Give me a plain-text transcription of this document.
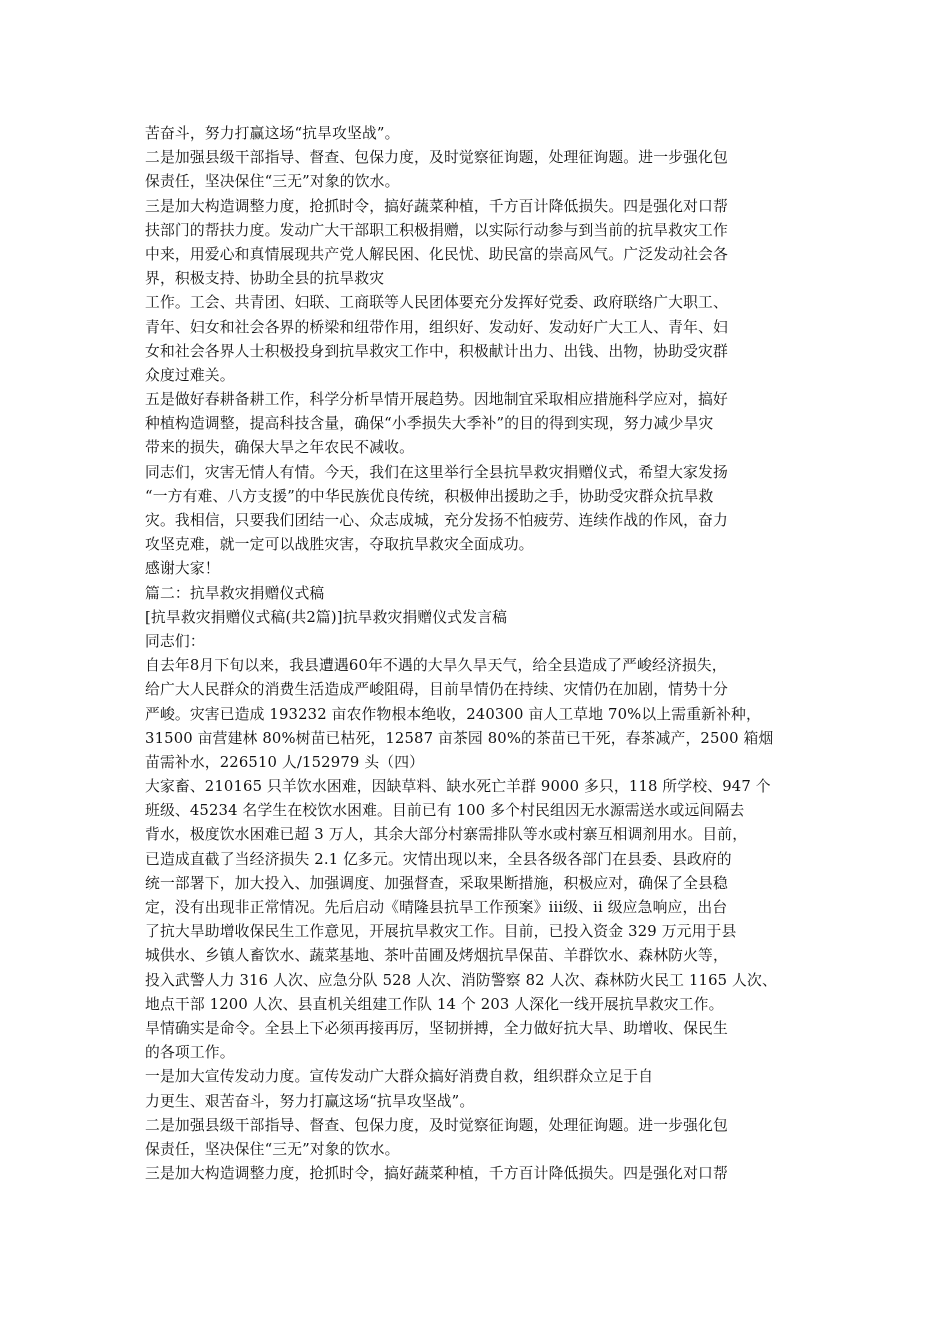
苦奋斗，努力打赢这场“抗旱攻坚战”。
二是加强县级干部指导、督查、包保力度，及时觉察征询题，处理征询题。进一步强化包
保责任，坚决保住“三无”对象的饮水。
三是加大构造调整力度，抢抓时令，搞好蔬菜种植，千方百计降低损失。四是强化对口帮
扶部门的帮扶力度。发动广大干部职工积极捐赠，以实际行动参与到当前的抗旱救灾工作
中来，用爱心和真情展现共产党人解民困、化民忧、助民富的崇高风气。广泛发动社会各
界，积极支持、协助全县的抗旱救灾
工作。工会、共青团、妇联、工商联等人民团体要充分发挥好党委、政府联络广大职工、
青年、妇女和社会各界的桥梁和纽带作用，组织好、发动好、发动好广大工人、青年、妇
女和社会各界人士积极投身到抗旱救灾工作中，积极献计出力、出钱、出物，协助受灾群
众度过难关。
五是做好春耕备耕工作，科学分析旱情开展趋势。因地制宜采取相应措施科学应对，搞好
种植构造调整，提高科技含量，确保“小季损失大季补”的目的得到实现，努力减少旱灾
带来的损失，确保大旱之年农民不减收。
同志们，灾害无情人有情。今天，我们在这里举行全县抗旱救灾捐赠仪式，希望大家发扬
“一方有难、八方支援”的中华民族优良传统，积极伸出援助之手，协助受灾群众抗旱救
灾。我相信，只要我们团结一心、众志成城，充分发扬不怕疲劳、连续作战的作风，奋力
攻坚克难，就一定可以战胜灾害，夺取抗旱救灾全面成功。
感谢大家！
篇二：抗旱救灾捐赠仪式稿
[抗旱救灾捐赠仪式稿(共2篇)]抗旱救灾捐赠仪式发言稿
同志们：
自去年8月下旬以来，我县遭遇60年不遇的大旱久旱天气，给全县造成了严峻经济损失，
给广大人民群众的消费生活造成严峻阻碍，目前旱情仍在持续、灾情仍在加剧，情势十分
严峻。灾害已造成 193232 亩农作物根本绝收，240300 亩人工草地 70%以上需重新补种，
31500 亩营建林 80%树苗已枯死，12587 亩茶园 80%的茶苗已干死，春茶减产，2500 箱烟
苗需补水，226510 人/152979 头（四）
大家畜、210165 只羊饮水困难，因缺草料、缺水死亡羊群 9000 多只，118 所学校、947 个
班级、45234 名学生在校饮水困难。目前已有 100 多个村民组因无水源需送水或远间隔去
背水，极度饮水困难已超 3 万人，其余大部分村寨需排队等水或村寨互相调剂用水。目前，
已造成直截了当经济损失 2.1 亿多元。灾情出现以来，全县各级各部门在县委、县政府的
统一部署下，加大投入、加强调度、加强督查，采取果断措施，积极应对，确保了全县稳
定，没有出现非正常情况。先后启动《晴隆县抗旱工作预案》iii级、ii 级应急响应，出台
了抗大旱助增收保民生工作意见，开展抗旱救灾工作。目前，已投入资金 329 万元用于县
城供水、乡镇人畜饮水、蔬菜基地、茶叶苗圃及烤烟抗旱保苗、羊群饮水、森林防火等，
投入武警人力 316 人次、应急分队 528 人次、消防警察 82 人次、森林防火民工 1165 人次、
地点干部 1200 人次、县直机关组建工作队 14 个 203 人深化一线开展抗旱救灾工作。
旱情确实是命令。全县上下必须再接再厉，坚韧拼搏，全力做好抗大旱、助增收、保民生
的各项工作。
一是加大宣传发动力度。宣传发动广大群众搞好消费自救，组织群众立足于自
力更生、艰苦奋斗，努力打赢这场“抗旱攻坚战”。
二是加强县级干部指导、督查、包保力度，及时觉察征询题，处理征询题。进一步强化包
保责任，坚决保住“三无”对象的饮水。
三是加大构造调整力度，抢抓时令，搞好蔬菜种植，千方百计降低损失。四是强化对口帮
